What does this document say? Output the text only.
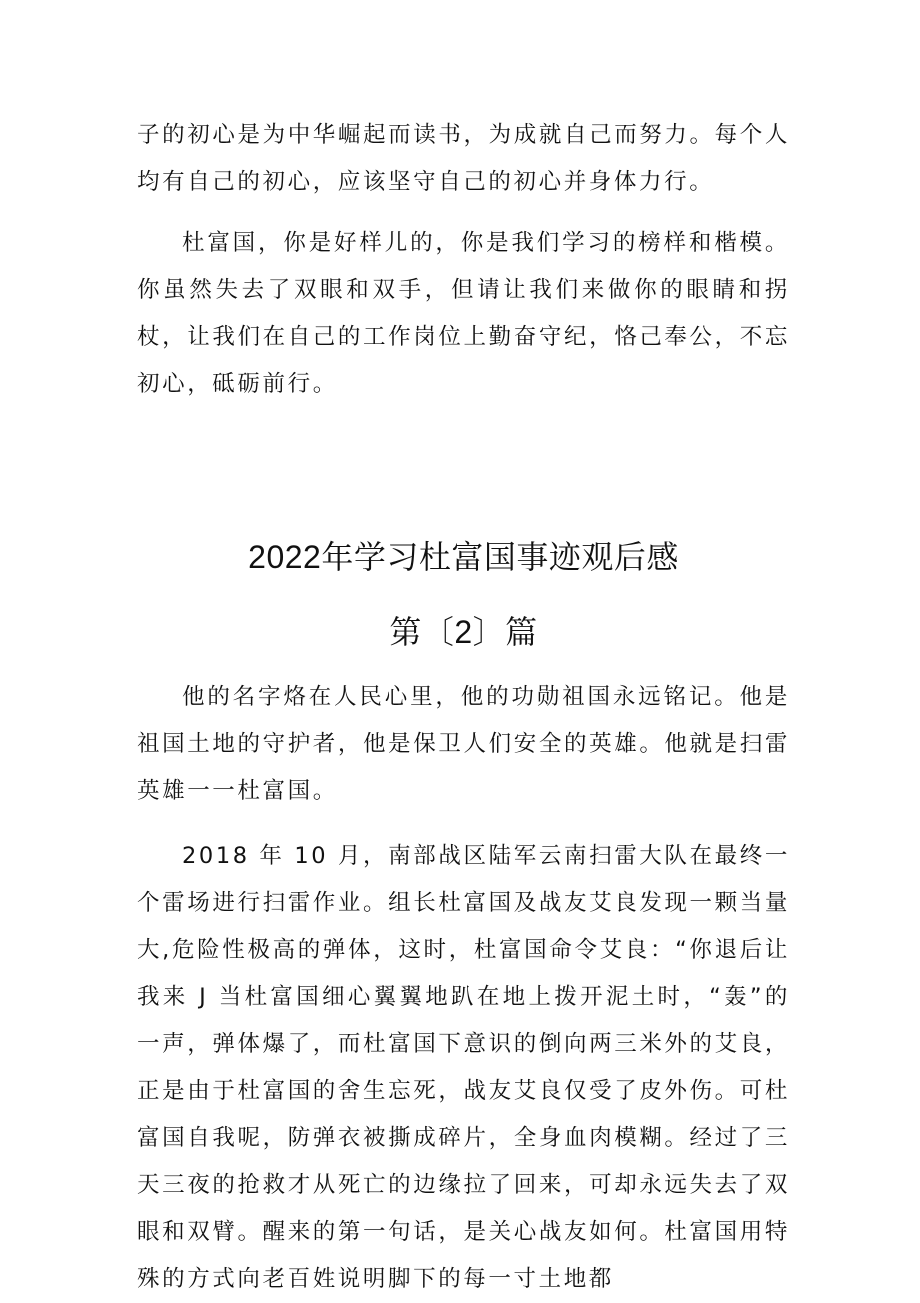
子的初心是为中华崛起而读书，为成就自己而努力。每个人均有自己的初心，应该坚守自己的初心并身体力行。

杜富国，你是好样儿的，你是我们学习的榜样和楷模。你虽然失去了双眼和双手，但请让我们来做你的眼睛和拐杖，让我们在自己的工作岗位上勤奋守纪，恪己奉公，不忘初心，砥砺前行。

2022年学习杜富国事迹观后感
第〔2〕篇

他的名字烙在人民心里，他的功勋祖国永远铭记。他是祖国土地的守护者，他是保卫人们安全的英雄。他就是扫雷英雄一一杜富国。

2018 年 10 月，南部战区陆军云南扫雷大队在最终一个雷场进行扫雷作业。组长杜富国及战友艾良发现一颗当量大,危险性极高的弹体，这时，杜富国命令艾良：“你退后让我来 J 当杜富国细心翼翼地趴在地上拨开泥土时，“轰”的一声，弹体爆了，而杜富国下意识的倒向两三米外的艾良，正是由于杜富国的舍生忘死，战友艾良仅受了皮外伤。可杜富国自我呢，防弹衣被撕成碎片，全身血肉模糊。经过了三天三夜的抢救才从死亡的边缘拉了回来，可却永远失去了双眼和双臂。醒来的第一句话，是关心战友如何。杜富国用特殊的方式向老百姓说明脚下的每一寸土地都
